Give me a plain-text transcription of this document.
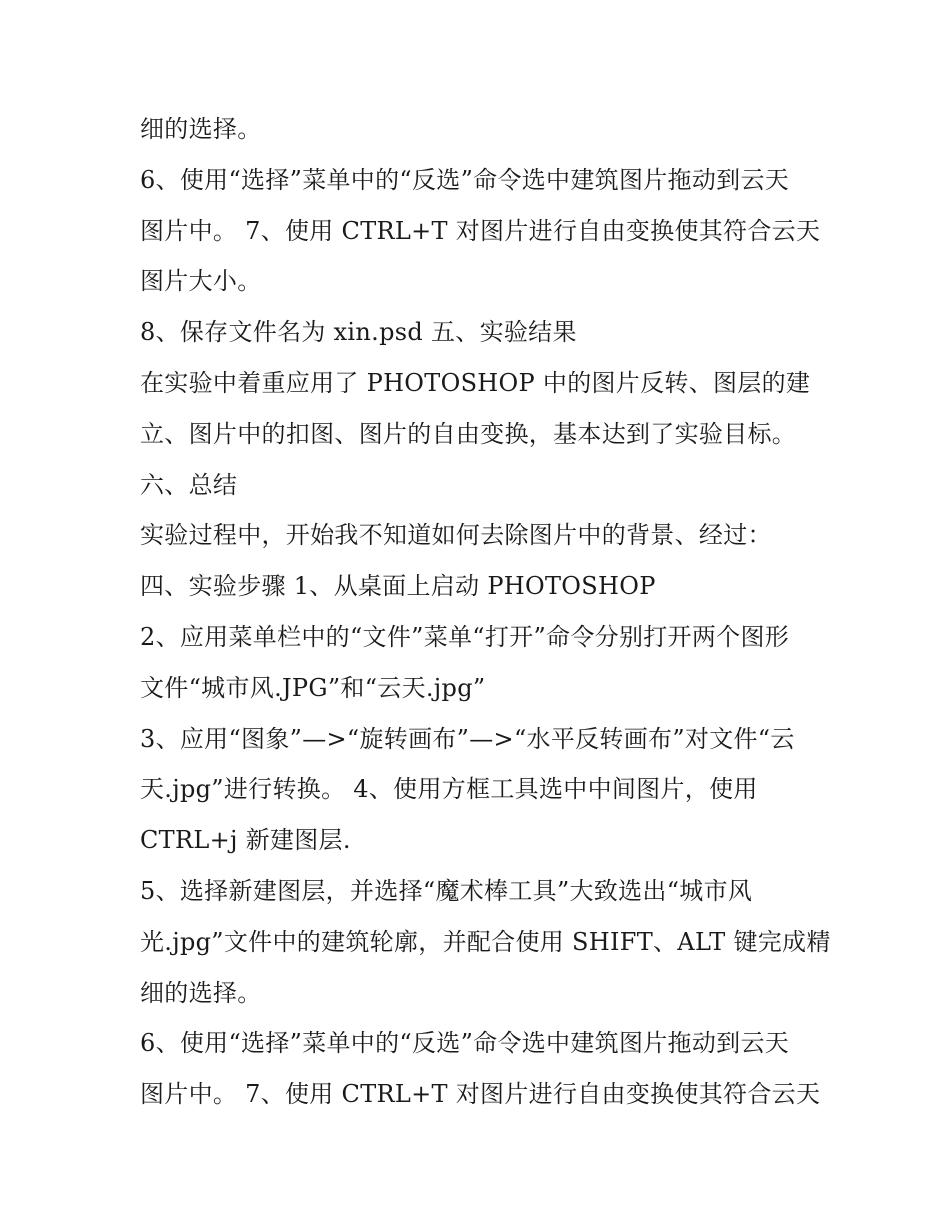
细的选择。
6、使用“选择”菜单中的“反选”命令选中建筑图片拖动到云天
图片中。 7、使用 CTRL+T 对图片进行自由变换使其符合云天
图片大小。
8、保存文件名为 xin.psd 五、实验结果
在实验中着重应用了 PHOTOSHOP 中的图片反转、图层的建
立、图片中的扣图、图片的自由变换，基本达到了实验目标。
六、总结
实验过程中，开始我不知道如何去除图片中的背景、经过：
四、实验步骤 1、从桌面上启动 PHOTOSHOP
2、应用菜单栏中的“文件”菜单“打开”命令分别打开两个图形
文件“城市风.JPG”和“云天.jpg”
3、应用“图象”—>“旋转画布”—>“水平反转画布”对文件“云
天.jpg”进行转换。 4、使用方框工具选中中间图片，使用
CTRL+j 新建图层.
5、选择新建图层，并选择“魔术棒工具”大致选出“城市风
光.jpg”文件中的建筑轮廓，并配合使用 SHIFT、ALT 键完成精
细的选择。
6、使用“选择”菜单中的“反选”命令选中建筑图片拖动到云天
图片中。 7、使用 CTRL+T 对图片进行自由变换使其符合云天
